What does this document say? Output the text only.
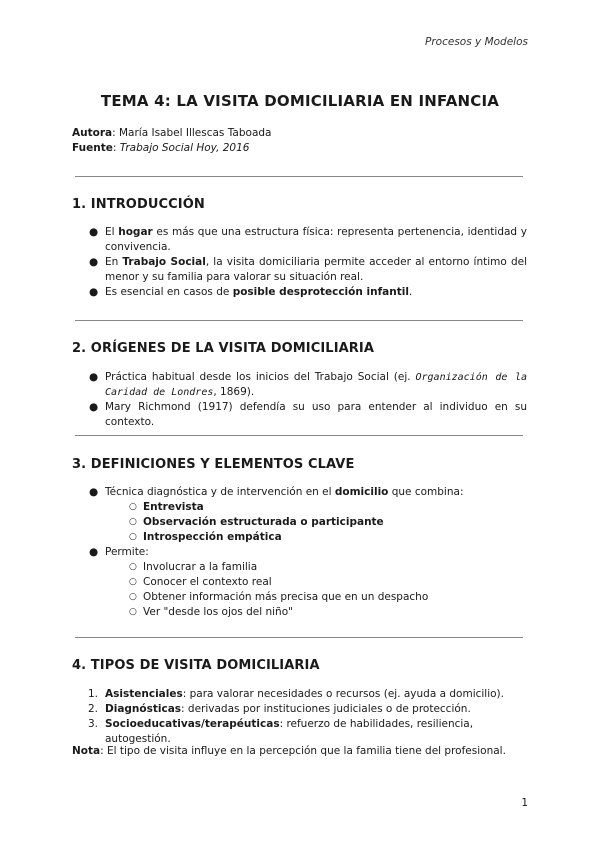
Procesos y Modelos
TEMA 4: LA VISITA DOMICILIARIA EN INFANCIA
Autora: María Isabel Illescas Taboada
Fuente: Trabajo Social Hoy, 2016
1. INTRODUCCIÓN
● El hogar es más que una estructura física: representa pertenencia, identidad y convivencia.
● En Trabajo Social, la visita domiciliaria permite acceder al entorno íntimo del menor y su familia para valorar su situación real.
● Es esencial en casos de posible desprotección infantil.
2. ORÍGENES DE LA VISITA DOMICILIARIA
● Práctica habitual desde los inicios del Trabajo Social (ej. Organización de la Caridad de Londres, 1869).
● Mary Richmond (1917) defendía su uso para entender al individuo en su contexto.
3. DEFINICIONES Y ELEMENTOS CLAVE
● Técnica diagnóstica y de intervención en el domicilio que combina:
○ Entrevista
○ Observación estructurada o participante
○ Introspección empática
● Permite:
○ Involucrar a la familia
○ Conocer el contexto real
○ Obtener información más precisa que en un despacho
○ Ver "desde los ojos del niño"
4. TIPOS DE VISITA DOMICILIARIA
1. Asistenciales: para valorar necesidades o recursos (ej. ayuda a domicilio).
2. Diagnósticas: derivadas por instituciones judiciales o de protección.
3. Socioeducativas/terapéuticas: refuerzo de habilidades, resiliencia, autogestión.
Nota: El tipo de visita influye en la percepción que la familia tiene del profesional.
1
